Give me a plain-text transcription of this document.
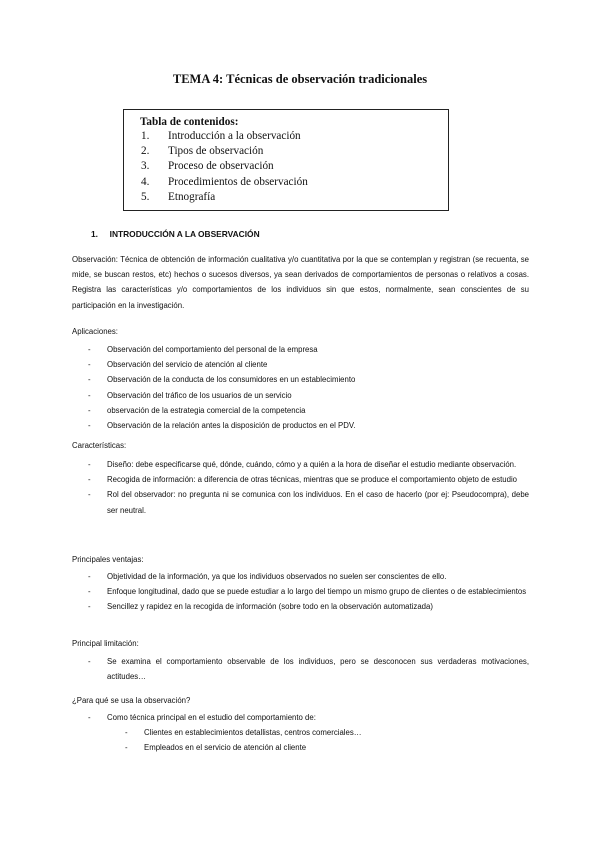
TEMA 4: Técnicas de observación tradicionales
Tabla de contenidos:
1.	Introducción a la observación
2.	Tipos de observación
3.	Proceso de observación
4.	Procedimientos de observación
5.	Etnografía
1. INTRODUCCIÓN A LA OBSERVACIÓN
Observación: Técnica de obtención de información cualitativa y/o cuantitativa por la que se contemplan y registran (se recuenta, se mide, se buscan restos, etc) hechos o sucesos diversos, ya sean derivados de comportamientos de personas o relativos a cosas. Registra las características y/o comportamientos de los individuos sin que estos, normalmente, sean conscientes de su participación en la investigación.
Aplicaciones:
- Observación del comportamiento del personal de la empresa
- Observación del servicio de atención al cliente
- Observación de la conducta de los consumidores en un establecimiento
- Observación del tráfico de los usuarios de un servicio
- observación de la estrategia comercial de la competencia
- Observación de la relación antes la disposición de productos en el PDV.
Características:
- Diseño: debe especificarse qué, dónde, cuándo, cómo y a quién a la hora de diseñar el estudio mediante observación.
- Recogida de información: a diferencia de otras técnicas, mientras que se produce el comportamiento objeto de estudio
- Rol del observador: no pregunta ni se comunica con los individuos. En el caso de hacerlo (por ej: Pseudocompra), debe ser neutral.
Principales ventajas:
- Objetividad de la información, ya que los individuos observados no suelen ser conscientes de ello.
- Enfoque longitudinal, dado que se puede estudiar a lo largo del tiempo un mismo grupo de clientes o de establecimientos
- Sencillez y rapidez en la recogida de información (sobre todo en la observación automatizada)
Principal limitación:
- Se examina el comportamiento observable de los individuos, pero se desconocen sus verdaderas motivaciones, actitudes…
¿Para qué se usa la observación?
- Como técnica principal en el estudio del comportamiento de:
- Clientes en establecimientos detallistas, centros comerciales…
- Empleados en el servicio de atención al cliente
